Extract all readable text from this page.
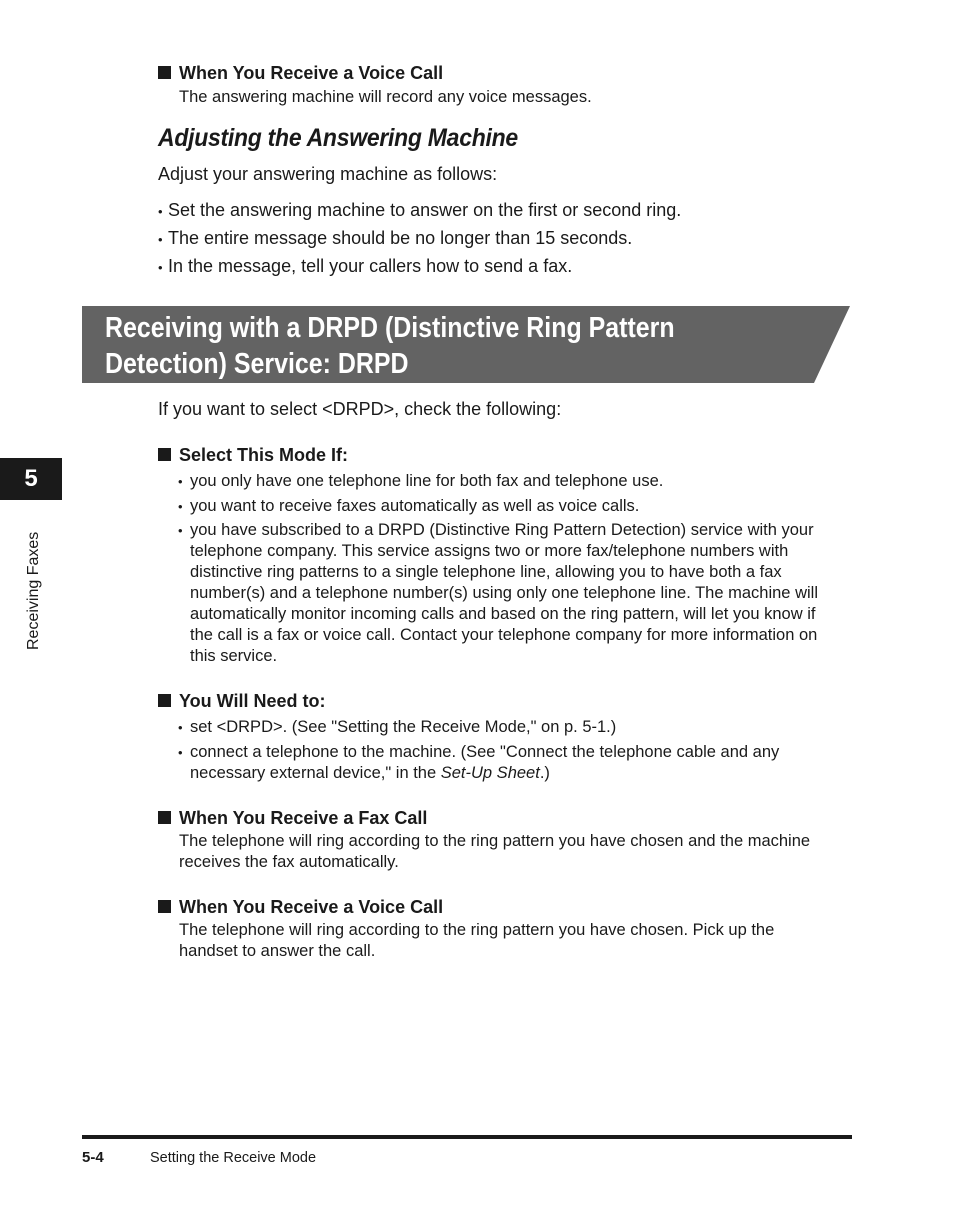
When You Receive a Voice Call
The answering machine will record any voice messages.
Adjusting the Answering Machine
Adjust your answering machine as follows:
• Set the answering machine to answer on the first or second ring.
• The entire message should be no longer than 15 seconds.
• In the message, tell your callers how to send a fax.
Receiving with a DRPD (Distinctive Ring Pattern
Detection) Service: DRPD
If you want to select <DRPD>, check the following:
Select This Mode If:
• you only have one telephone line for both fax and telephone use.
• you want to receive faxes automatically as well as voice calls.
• you have subscribed to a DRPD (Distinctive Ring Pattern Detection) service with your telephone company. This service assigns two or more fax/telephone numbers with distinctive ring patterns to a single telephone line, allowing you to have both a fax number(s) and a telephone number(s) using only one telephone line. The machine will automatically monitor incoming calls and based on the ring pattern, will let you know if the call is a fax or voice call. Contact your telephone company for more information on this service.
You Will Need to:
• set <DRPD>. (See "Setting the Receive Mode," on p. 5-1.)
• connect a telephone to the machine. (See "Connect the telephone cable and any necessary external device," in the Set-Up Sheet.)
When You Receive a Fax Call
The telephone will ring according to the ring pattern you have chosen and the machine receives the fax automatically.
When You Receive a Voice Call
The telephone will ring according to the ring pattern you have chosen. Pick up the handset to answer the call.
5
Receiving Faxes
5-4	Setting the Receive Mode
